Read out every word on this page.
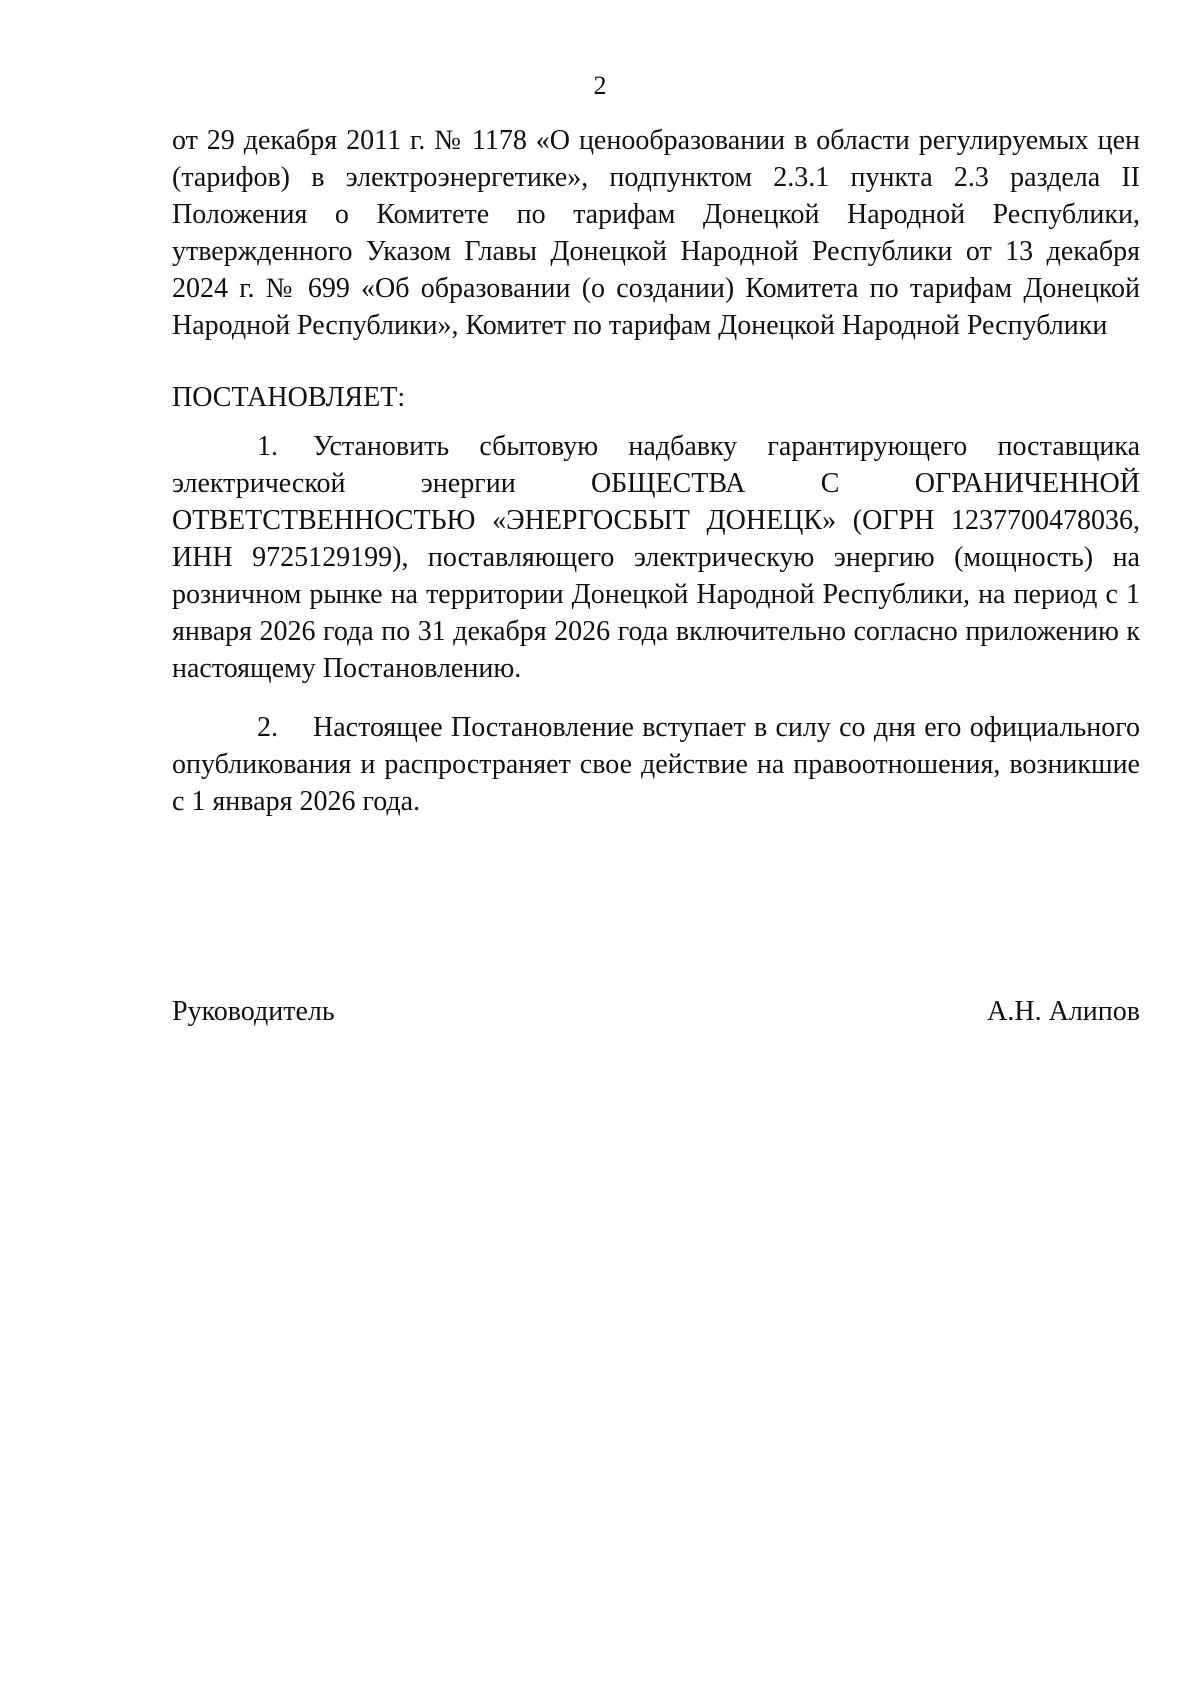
2

от 29 декабря 2011 г. № 1178 «О ценообразовании в области регулируемых цен (тарифов) в электроэнергетике», подпунктом 2.3.1 пункта 2.3 раздела II Положения о Комитете по тарифам Донецкой Народной Республики, утвержденного Указом Главы Донецкой Народной Республики от 13 декабря 2024 г. № 699 «Об образовании (о создании) Комитета по тарифам Донецкой Народной Республики», Комитет по тарифам Донецкой Народной Республики

ПОСТАНОВЛЯЕТ:

1. Установить сбытовую надбавку гарантирующего поставщика электрической энергии ОБЩЕСТВА С ОГРАНИЧЕННОЙ ОТВЕТСТВЕННОСТЬЮ «ЭНЕРГОСБЫТ ДОНЕЦК» (ОГРН 1237700478036, ИНН 9725129199), поставляющего электрическую энергию (мощность) на розничном рынке на территории Донецкой Народной Республики, на период с 1 января 2026 года по 31 декабря 2026 года включительно согласно приложению к настоящему Постановлению.

2. Настоящее Постановление вступает в силу со дня его официального опубликования и распространяет свое действие на правоотношения, возникшие с 1 января 2026 года.

Руководитель	А.Н. Алипов
